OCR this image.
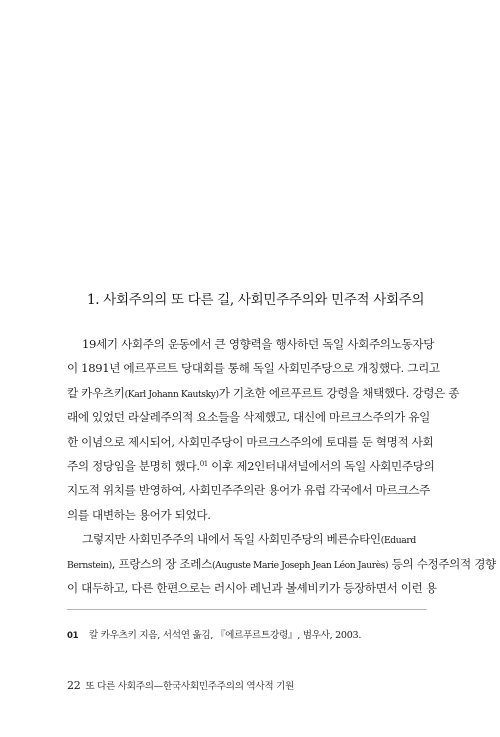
1. 사회주의의 또 다른 길, 사회민주주의와 민주적 사회주의
19세기 사회주의 운동에서 큰 영향력을 행사하던 독일 사회주의노동자당
이 1891년 에르푸르트 당대회를 통해 독일 사회민주당으로 개칭했다. 그리고
칼 카우츠키(Karl Johann Kautsky)가 기초한 에르푸르트 강령을 채택했다. 강령은 종
래에 있었던 라살레주의적 요소들을 삭제했고, 대신에 마르크스주의가 유일
한 이념으로 제시되어, 사회민주당이 마르크스주의에 토대를 둔 혁명적 사회
주의 정당임을 분명히 했다.$^{01}$ 이후 제2인터내셔널에서의 독일 사회민주당의
지도적 위치를 반영하여, 사회민주주의란 용어가 유럽 각국에서 마르크스주
의를 대변하는 용어가 되었다.
그렇지만 사회민주주의 내에서 독일 사회민주당의 베른슈타인(Eduard
Bernstein), 프랑스의 장 조레스(Auguste Marie Joseph Jean Léon Jaurès) 등의 수정주의적 경향
이 대두하고, 다른 한편으로는 러시아 레닌과 볼셰비키가 등장하면서 이런 용
01 칼 카우츠키 지음, 서석연 옮김, 『에르푸르트강령』, 범우사, 2003.
22 또 다른 사회주의—한국사회민주주의의 역사적 기원
